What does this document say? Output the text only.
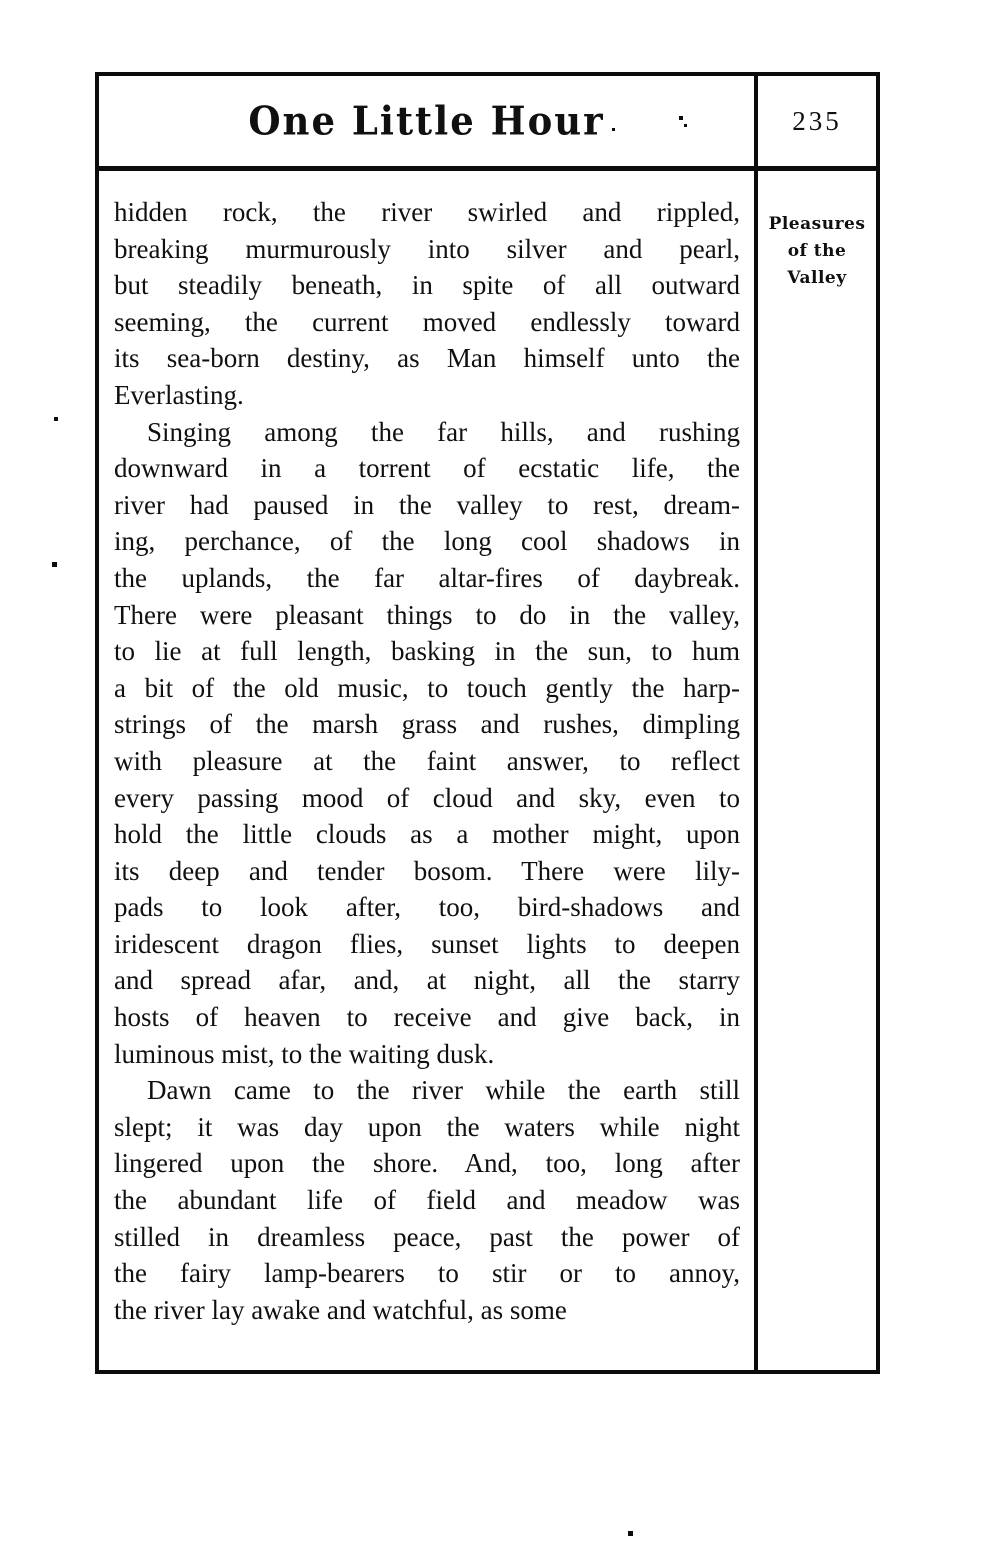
One Little Hour
hidden rock, the river swirled and rippled,
breaking murmurously into silver and pearl,
but steadily beneath, in spite of all outward
seeming, the current moved endlessly toward
its sea-born destiny, as Man himself unto the
Everlasting.
Singing among the far hills, and rushing
downward in a torrent of ecstatic life, the
river had paused in the valley to rest, dream-
ing, perchance, of the long cool shadows in
the uplands, the far altar-fires of daybreak.
There were pleasant things to do in the valley,
to lie at full length, basking in the sun, to hum
a bit of the old music, to touch gently the harp-
strings of the marsh grass and rushes, dimpling
with pleasure at the faint answer, to reflect
every passing mood of cloud and sky, even to
hold the little clouds as a mother might, upon
its deep and tender bosom. There were lily-
pads to look after, too, bird-shadows and
iridescent dragon flies, sunset lights to deepen
and spread afar, and, at night, all the starry
hosts of heaven to receive and give back, in
luminous mist, to the waiting dusk.
Dawn came to the river while the earth still
slept; it was day upon the waters while night
lingered upon the shore. And, too, long after
the abundant life of field and meadow was
stilled in dreamless peace, past the power of
the fairy lamp-bearers to stir or to annoy,
the river lay awake and watchful, as some
235
Pleasures
of the
Valley
